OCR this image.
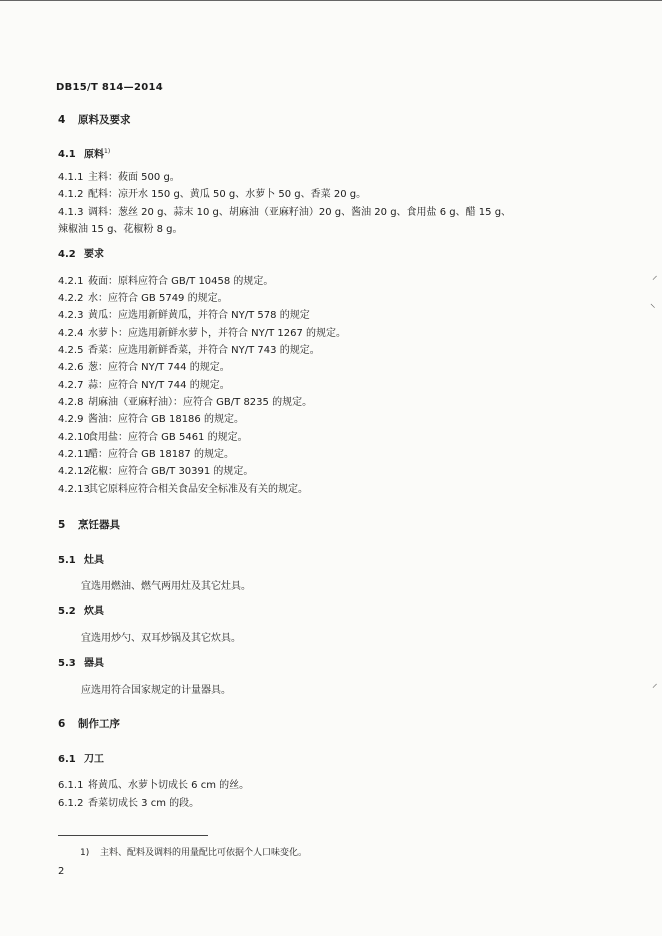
DB15/T 814—2014
4 原料及要求
4.1 原料$^{1)}$
4.1.1 主料：莜面 500 g。
4.1.2 配料：凉开水 150 g、黄瓜 50 g、水萝卜 50 g、香菜 20 g。
4.1.3 调料：葱丝 20 g、蒜末 10 g、胡麻油（亚麻籽油）20 g、酱油 20 g、食用盐 6 g、醋 15 g、
辣椒油 15 g、花椒粉 8 g。
4.2 要求
4.2.1 莜面：原料应符合 GB/T 10458 的规定。
4.2.2 水：应符合 GB 5749 的规定。
4.2.3 黄瓜：应选用新鲜黄瓜，并符合 NY/T 578 的规定
4.2.4 水萝卜：应选用新鲜水萝卜，并符合 NY/T 1267 的规定。
4.2.5 香菜：应选用新鲜香菜，并符合 NY/T 743 的规定。
4.2.6 葱：应符合 NY/T 744 的规定。
4.2.7 蒜：应符合 NY/T 744 的规定。
4.2.8 胡麻油（亚麻籽油）：应符合 GB/T 8235 的规定。
4.2.9 酱油：应符合 GB 18186 的规定。
4.2.10食用盐：应符合 GB 5461 的规定。
4.2.11醋：应符合 GB 18187 的规定。
4.2.12花椒：应符合 GB/T 30391 的规定。
4.2.13其它原料应符合相关食品安全标准及有关的规定。
5 烹饪器具
5.1 灶具
宜选用燃油、燃气两用灶及其它灶具。
5.2 炊具
宜选用炒勺、双耳炒锅及其它炊具。
5.3 器具
应选用符合国家规定的计量器具。
6 制作工序
6.1 刀工
6.1.1 将黄瓜、水萝卜切成长 6 cm 的丝。
6.1.2 香菜切成长 3 cm 的段。
1) 主料、配料及调料的用量配比可依据个人口味变化。
2
⸝
⸜
⸝
